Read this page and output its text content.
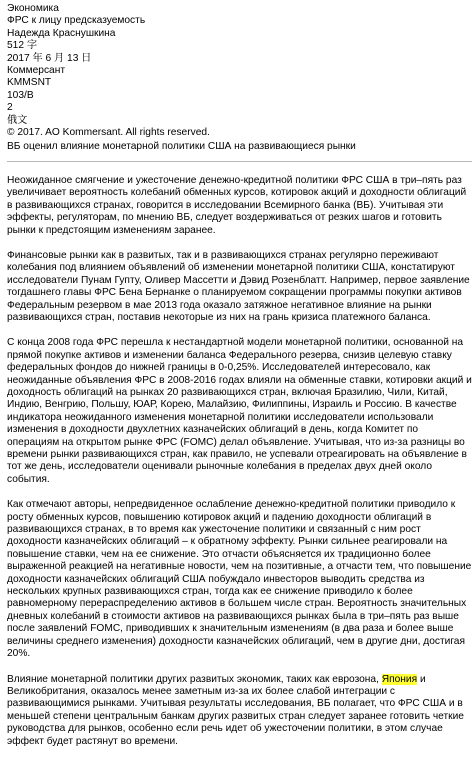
Экономика
ФРС к лицу предсказуемость
Надежда Краснушкина
512 字
2017 年 6 月 13 日
Коммерсант
KMMSNT
103/В
2
俄文
© 2017. AO Kommersant. All rights reserved.
ВБ оценил влияние монетарной политики США на развивающиеся рынки

Неожиданное смягчение и ужесточение денежно-кредитной политики ФРС США в три–пять раз увеличивает вероятность колебаний обменных курсов, котировок акций и доходности облигаций в развивающихся странах, говорится в исследовании Всемирного банка (ВБ). Учитывая эти эффекты, регуляторам, по мнению ВБ, следует воздерживаться от резких шагов и готовить рынки к предстоящим изменениям заранее.

Финансовые рынки как в развитых, так и в развивающихся странах регулярно переживают колебания под влиянием объявлений об изменении монетарной политики США, констатируют исследователи Пунам Гупту, Оливер Массетти и Дэвид Розенблатт. Например, первое заявление тогдашнего главы ФРС Бена Бернанке о планируемом сокращении программы покупки активов Федеральным резервом в мае 2013 года оказало затяжное негативное влияние на рынки развивающихся стран, поставив некоторые из них на грань кризиса платежного баланса.

С конца 2008 года ФРС перешла к нестандартной модели монетарной политики, основанной на прямой покупке активов и изменении баланса Федерального резерва, снизив целевую ставку федеральных фондов до нижней границы в 0-0,25%. Исследователей интересовало, как неожиданные объявления ФРС в 2008-2016 годах влияли на обменные ставки, котировки акций и доходность облигаций на рынках 20 развивающихся стран, включая Бразилию, Чили, Китай, Индию, Венгрию, Польшу, ЮАР, Корею, Малайзию, Филиппины, Израиль и Россию. В качестве индикатора неожиданного изменения монетарной политики исследователи использовали изменения в доходности двухлетних казначейских облигаций в день, когда Комитет по операциям на открытом рынке ФРС (FOMC) делал объявление. Учитывая, что из-за разницы во времени рынки развивающихся стран, как правило, не успевали отреагировать на объявление в тот же день, исследователи оценивали рыночные колебания в пределах двух дней около события.

Как отмечают авторы, непредвиденное ослабление денежно-кредитной политики приводило к росту обменных курсов, повышению котировок акций и падению доходности облигаций в развивающихся странах, в то время как ужесточение политики и связанный с ним рост доходности казначейских облигаций – к обратному эффекту. Рынки сильнее реагировали на повышение ставки, чем на ее снижение. Это отчасти объясняется их традиционно более выраженной реакцией на негативные новости, чем на позитивные, а отчасти тем, что повышение доходности казначейских облигаций США побуждало инвесторов выводить средства из нескольких крупных развивающихся стран, тогда как ее снижение приводило к более равномерному перераспределению активов в большем числе стран. Вероятность значительных дневных колебаний в стоимости активов на развивающихся рынках была в три–пять раз выше после заявлений FOMC, приводивших к значительным изменениям (в два раза и более выше величины среднего изменения) доходности казначейских облигаций, чем в другие дни, достигая 20%.

Влияние монетарной политики других развитых экономик, таких как еврозона, Япония и Великобритания, оказалось менее заметным из-за их более слабой интеграции с развивающимися рынками. Учитывая результаты исследования, ВБ полагает, что ФРС США и в меньшей степени центральным банкам других развитых стран следует заранее готовить четкие руководства для рынков, особенно если речь идет об ужесточении политики, в этом случае эффект будет растянут во времени.
